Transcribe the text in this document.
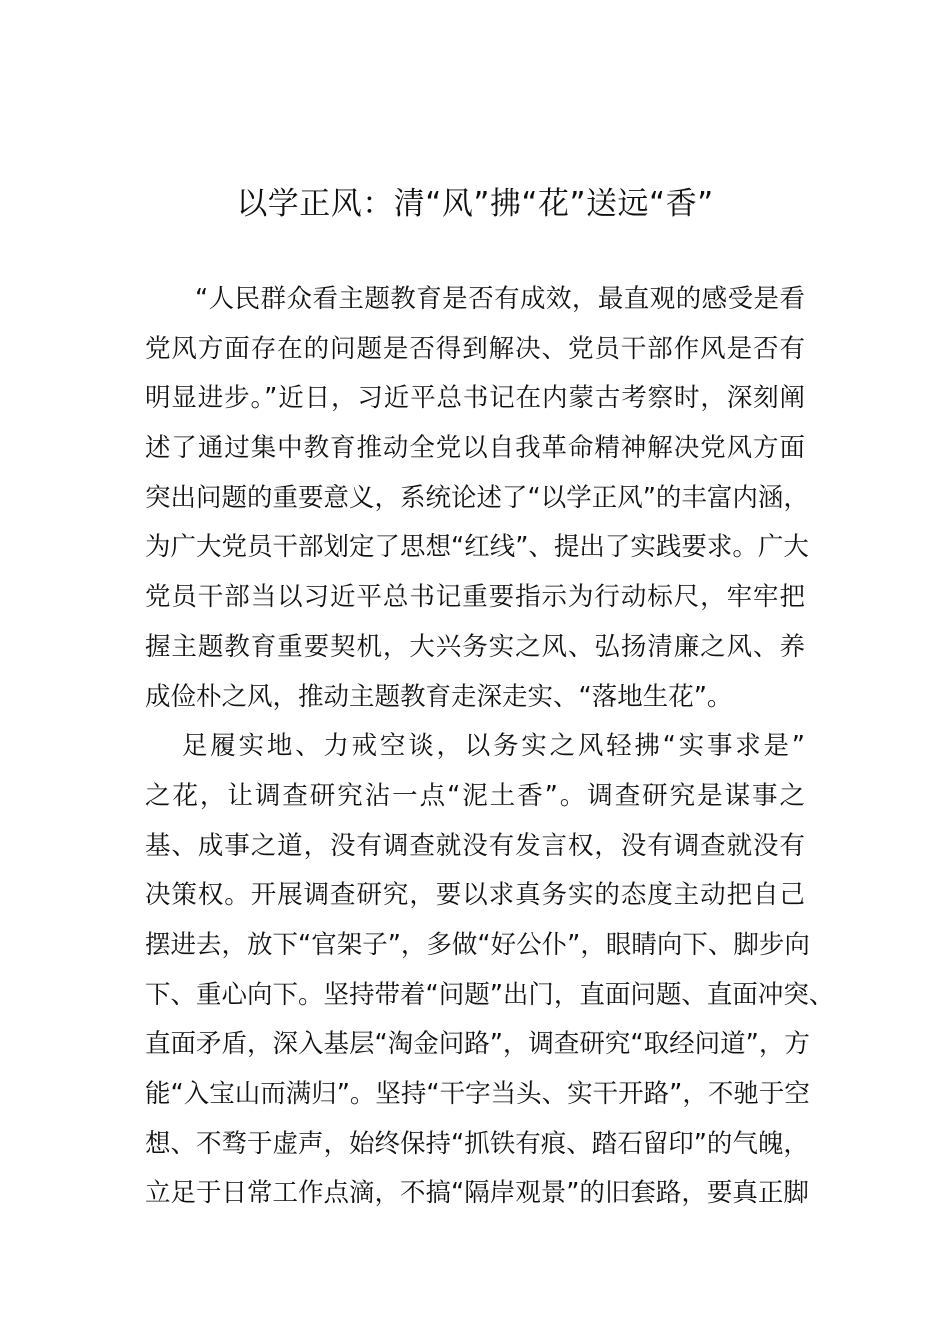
以学正风：清“风”拂“花”送远“香”
“人民群众看主题教育是否有成效，最直观的感受是看
党风方面存在的问题是否得到解决、党员干部作风是否有
明显进步。”近日，习近平总书记在内蒙古考察时，深刻阐
述了通过集中教育推动全党以自我革命精神解决党风方面
突出问题的重要意义，系统论述了“以学正风”的丰富内涵，
为广大党员干部划定了思想“红线”、提出了实践要求。广大
党员干部当以习近平总书记重要指示为行动标尺，牢牢把
握主题教育重要契机，大兴务实之风、弘扬清廉之风、养
成俭朴之风，推动主题教育走深走实、“落地生花”。
足履实地、力戒空谈，以务实之风轻拂“实事求是”
之花，让调查研究沾一点“泥土香”。调查研究是谋事之
基、成事之道，没有调查就没有发言权，没有调查就没有
决策权。开展调查研究，要以求真务实的态度主动把自己
摆进去，放下“官架子”，多做“好公仆”，眼睛向下、脚步向
下、重心向下。坚持带着“问题”出门，直面问题、直面冲突、
直面矛盾，深入基层“淘金问路”，调查研究“取经问道”，方
能“入宝山而满归”。坚持“干字当头、实干开路”，不驰于空
想、不骛于虚声，始终保持“抓铁有痕、踏石留印”的气魄，
立足于日常工作点滴，不搞“隔岸观景”的旧套路，要真正脚
